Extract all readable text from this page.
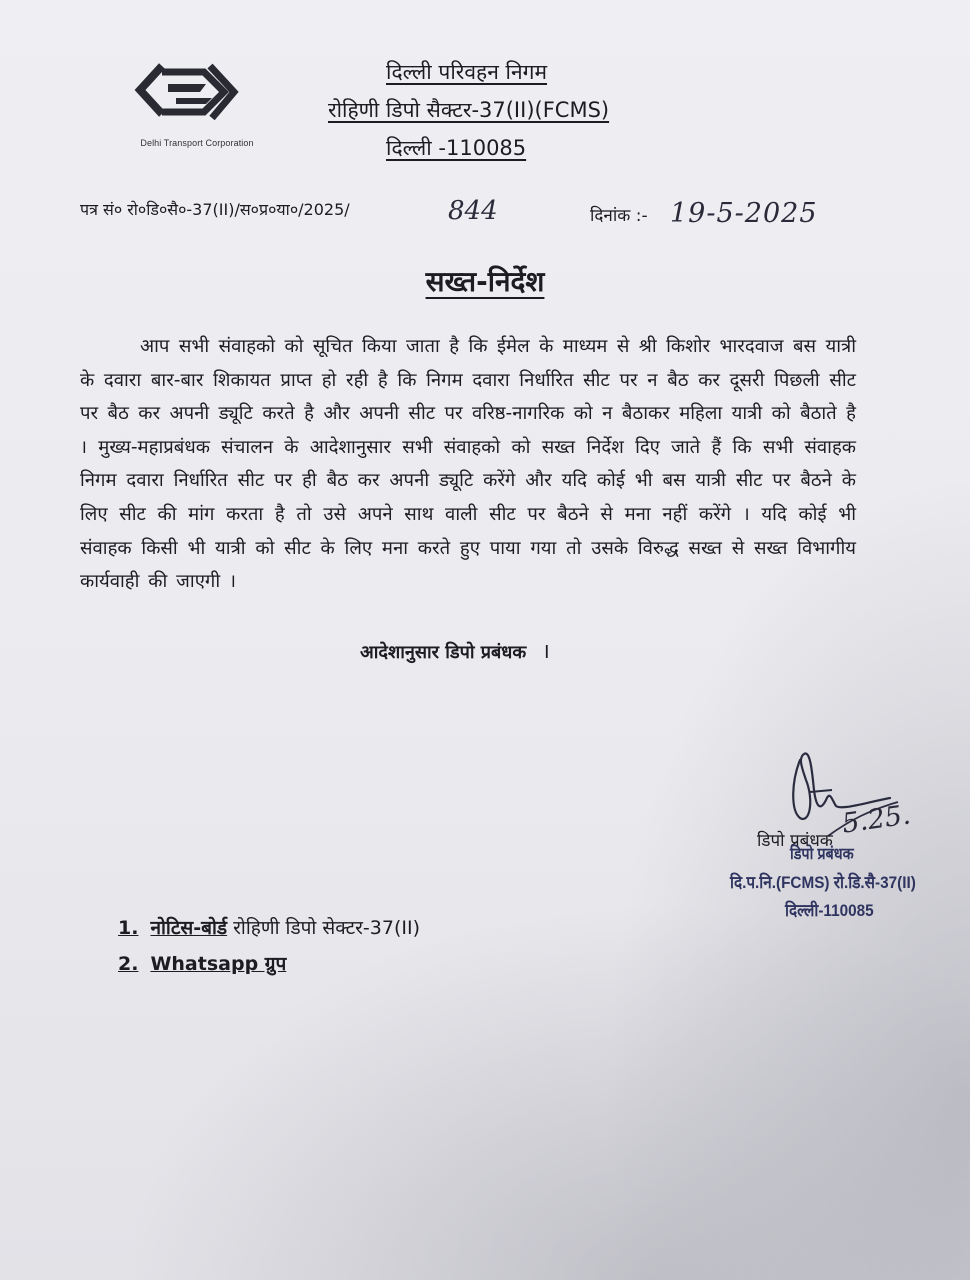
Delhi Transport Corporation
दिल्ली परिवहन निगम
रोहिणी डिपो सैक्टर-37(II)(FCMS)
दिल्ली -110085
पत्र सं० रो०डि०सै०-37(II)/स०प्र०या०/2025/	844	दिनांक :- 19-5-2025
सख्त-निर्देश
आप सभी संवाहको को सूचित किया जाता है कि ईमेल के माध्यम से श्री किशोर भारदवाज बस यात्री के दवारा बार-बार शिकायत प्राप्त हो रही है कि निगम दवारा निर्धारित सीट पर न बैठ कर दूसरी पिछली सीट पर बैठ कर अपनी ड्यूटि करते है और अपनी सीट पर वरिष्ठ-नागरिक को न बैठाकर महिला यात्री को बैठाते है । मुख्य-महाप्रबंधक संचालन के आदेशानुसार सभी संवाहको को सख्त निर्देश दिए जाते हैं कि सभी संवाहक निगम दवारा निर्धारित सीट पर ही बैठ कर अपनी ड्यूटि करेंगे और यदि कोई भी बस यात्री सीट पर बैठने के लिए सीट की मांग करता है तो उसे अपने साथ वाली सीट पर बैठने से मना नहीं करेंगे । यदि कोई भी संवाहक किसी भी यात्री को सीट के लिए मना करते हुए पाया गया तो उसके विरुद्ध सख्त से सख्त विभागीय कार्यवाही की जाएगी ।
आदेशानुसार डिपो प्रबंधक I
5.25.
डिपो प्रबंधक
डिपो प्रबंधक
दि.प.नि.(FCMS) रो.डि.सै-37(II)
दिल्ली-110085
1. नोटिस-बोर्ड रोहिणी डिपो सेक्टर-37(II)
2. Whatsapp ग्रुप
